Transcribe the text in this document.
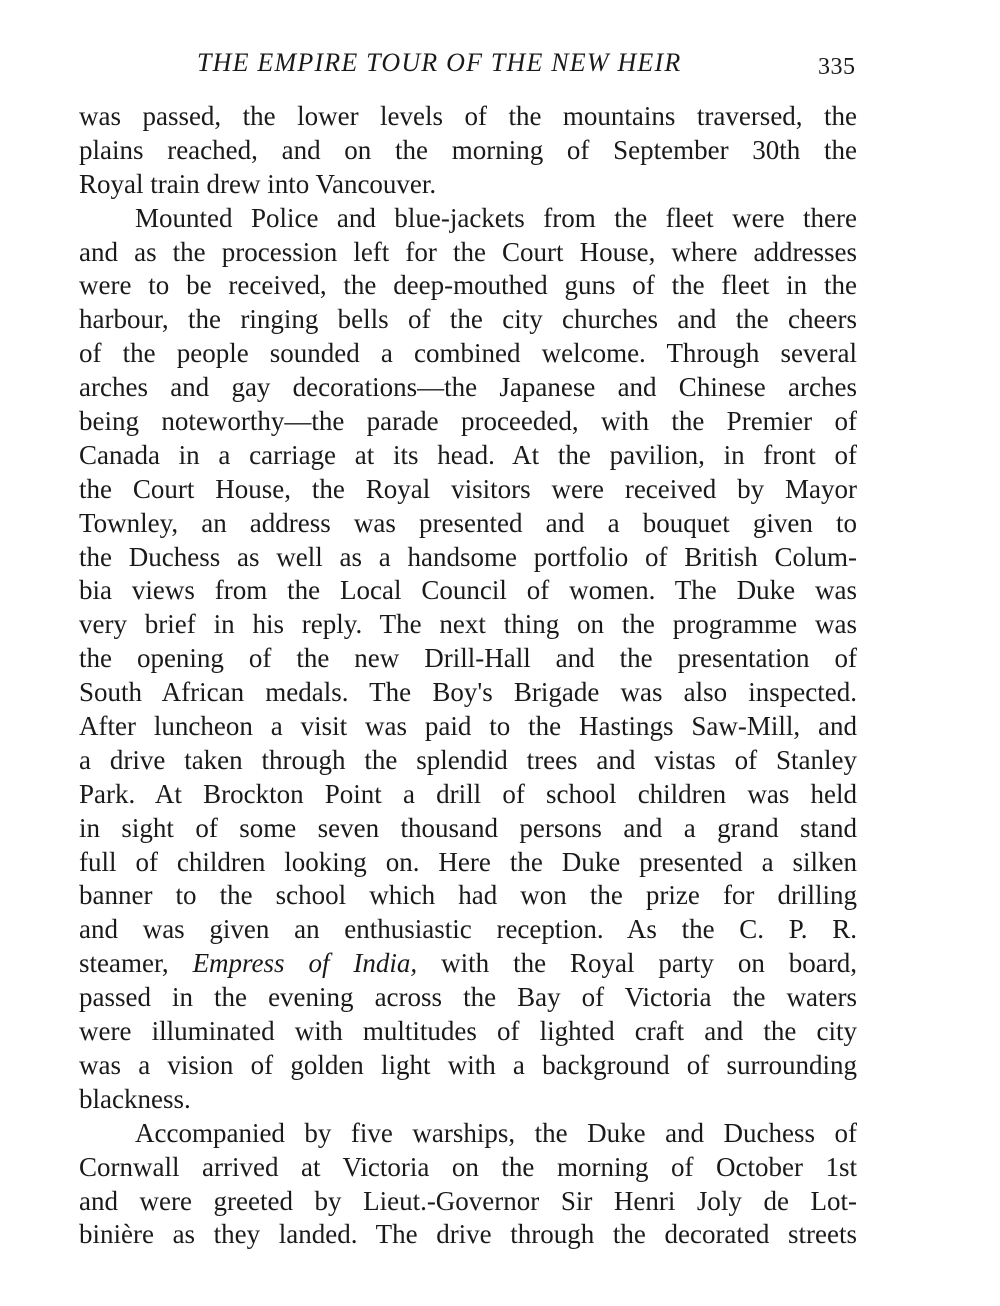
THE EMPIRE TOUR OF THE NEW HEIR	335
was passed, the lower levels of the mountains traversed, the
plains reached, and on the morning of September 30th the
Royal train drew into Vancouver.
Mounted Police and blue-jackets from the fleet were there
and as the procession left for the Court House, where addresses
were to be received, the deep-mouthed guns of the fleet in the
harbour, the ringing bells of the city churches and the cheers
of the people sounded a combined welcome. Through several
arches and gay decorations—the Japanese and Chinese arches
being noteworthy—the parade proceeded, with the Premier of
Canada in a carriage at its head. At the pavilion, in front of
the Court House, the Royal visitors were received by Mayor
Townley, an address was presented and a bouquet given to
the Duchess as well as a handsome portfolio of British Colum-
bia views from the Local Council of women. The Duke was
very brief in his reply. The next thing on the programme was
the opening of the new Drill-Hall and the presentation of
South African medals. The Boy's Brigade was also inspected.
After luncheon a visit was paid to the Hastings Saw-Mill, and
a drive taken through the splendid trees and vistas of Stanley
Park. At Brockton Point a drill of school children was held
in sight of some seven thousand persons and a grand stand
full of children looking on. Here the Duke presented a silken
banner to the school which had won the prize for drilling
and was given an enthusiastic reception. As the C. P. R.
steamer, Empress of India, with the Royal party on board,
passed in the evening across the Bay of Victoria the waters
were illuminated with multitudes of lighted craft and the city
was a vision of golden light with a background of surrounding
blackness.
Accompanied by five warships, the Duke and Duchess of
Cornwall arrived at Victoria on the morning of October 1st
and were greeted by Lieut.-Governor Sir Henri Joly de Lot-
binière as they landed. The drive through the decorated streets
